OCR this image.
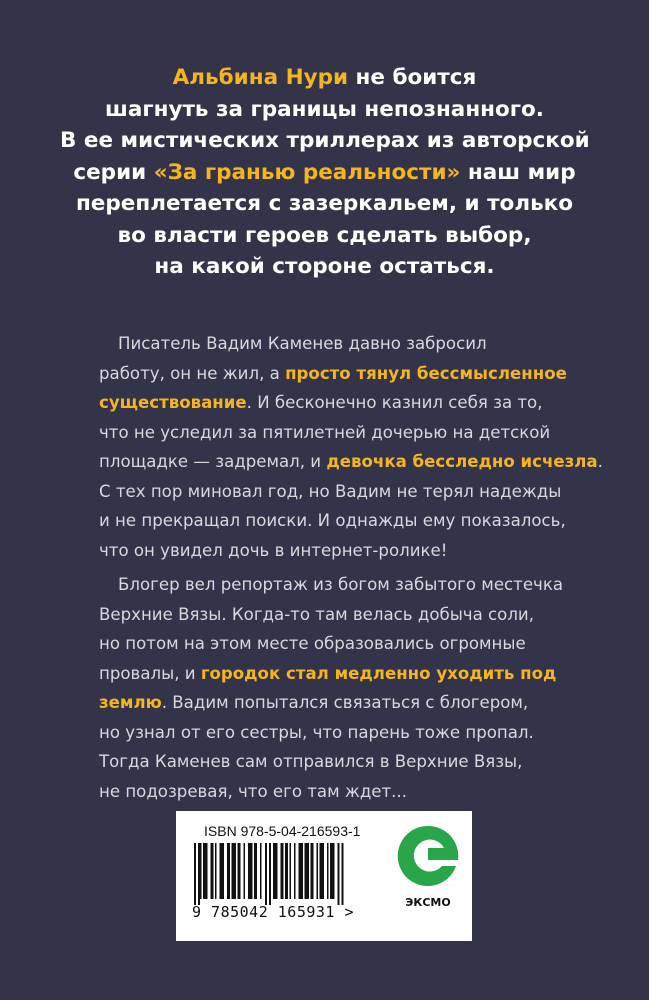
Альбина Нури не боится
шагнуть за границы непознанного.
В ее мистических триллерах из авторской
серии «За гранью реальности» наш мир
переплетается с зазеркальем, и только
во власти героев сделать выбор,
на какой стороне остаться.
Писатель Вадим Каменев давно забросил
работу, он не жил, а просто тянул бессмысленное
существование. И бесконечно казнил себя за то,
что не уследил за пятилетней дочерью на детской
площадке — задремал, и девочка бесследно исчезла.
С тех пор миновал год, но Вадим не терял надежды
и не прекращал поиски. И однажды ему показалось,
что он увидел дочь в интернет-ролике!
Блогер вел репортаж из богом забытого местечка
Верхние Вязы. Когда-то там велась добыча соли,
но потом на этом месте образовались огромные
провалы, и городок стал медленно уходить под
землю. Вадим попытался связаться с блогером,
но узнал от его сестры, что парень тоже пропал.
Тогда Каменев сам отправился в Верхние Вязы,
не подозревая, что его там ждет...
ISBN 978-5-04-216593-1
9 785042 165931 >
ЭКСМО
